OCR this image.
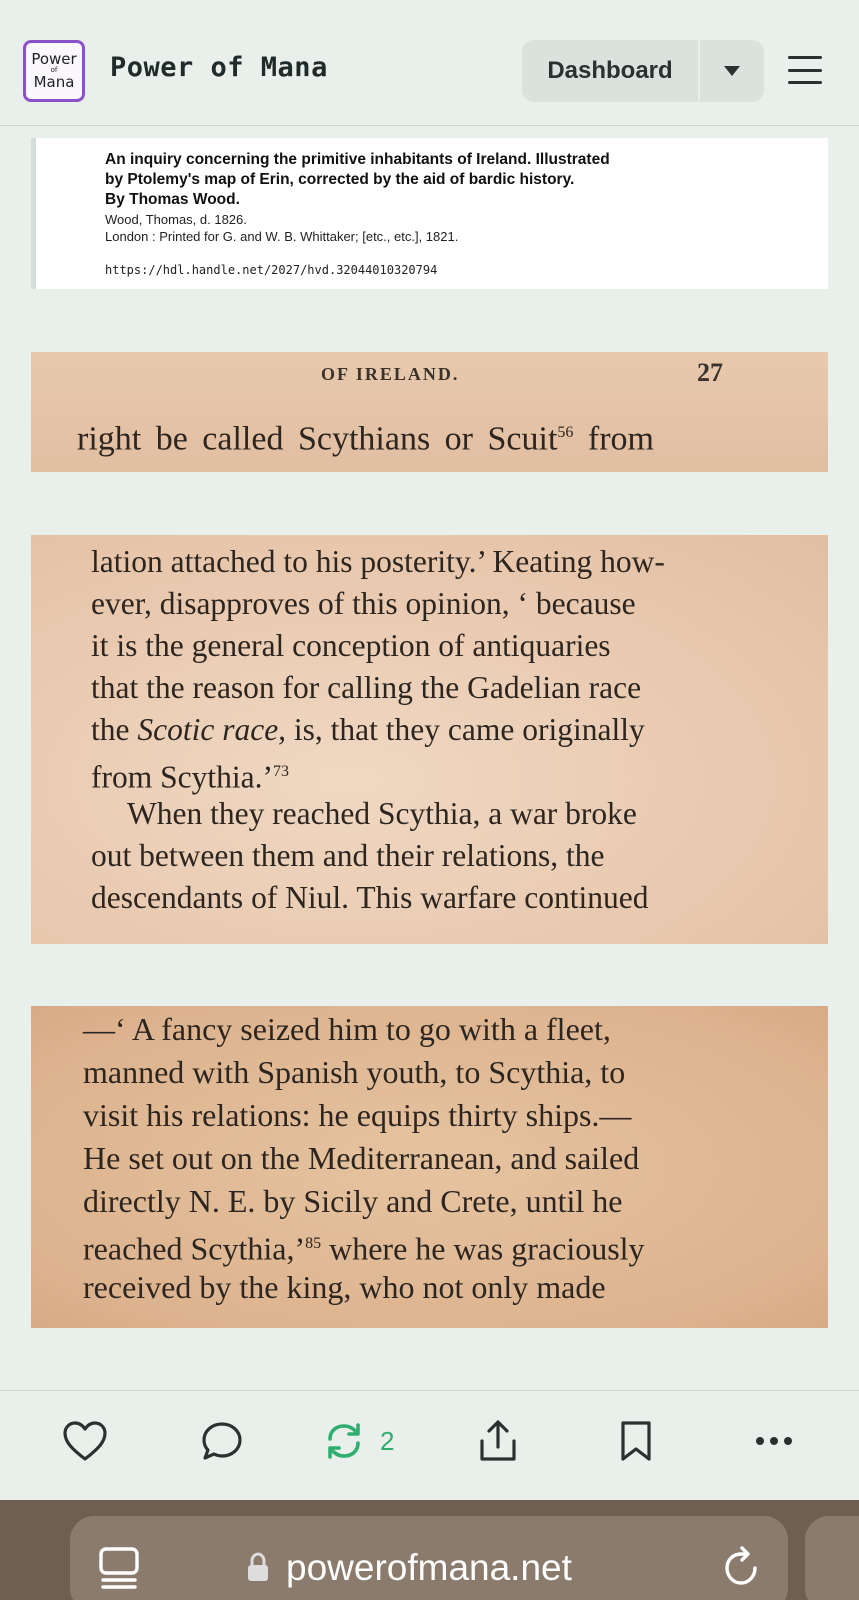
Power
of
Mana Power of Mana	Dashboard
An inquiry concerning the primitive inhabitants of Ireland. Illustrated
by Ptolemy's map of Erin, corrected by the aid of bardic history.
By Thomas Wood.
Wood, Thomas, d. 1826.
London : Printed for G. and W. B. Whittaker; [etc., etc.], 1821.
https://hdl.handle.net/2027/hvd.32044010320794
OF IRELAND.	27
right be called Scythians or Scuit$^{56}$ from
lation attached to his posterity.’ Keating how-
ever, disapproves of this opinion, ‘ because
it is the general conception of antiquaries
that the reason for calling the Gadelian race
the Scotic race, is, that they came originally
from Scythia.’$^{73}$
When they reached Scythia, a war broke
out between them and their relations, the
descendants of Niul. This warfare continued
—‘ A fancy seized him to go with a fleet,
manned with Spanish youth, to Scythia, to
visit his relations: he equips thirty ships.—
He set out on the Mediterranean, and sailed
directly N. E. by Sicily and Crete, until he
reached Scythia,’$^{85}$ where he was graciously
received by the king, who not only made
2
powerofmana.net
